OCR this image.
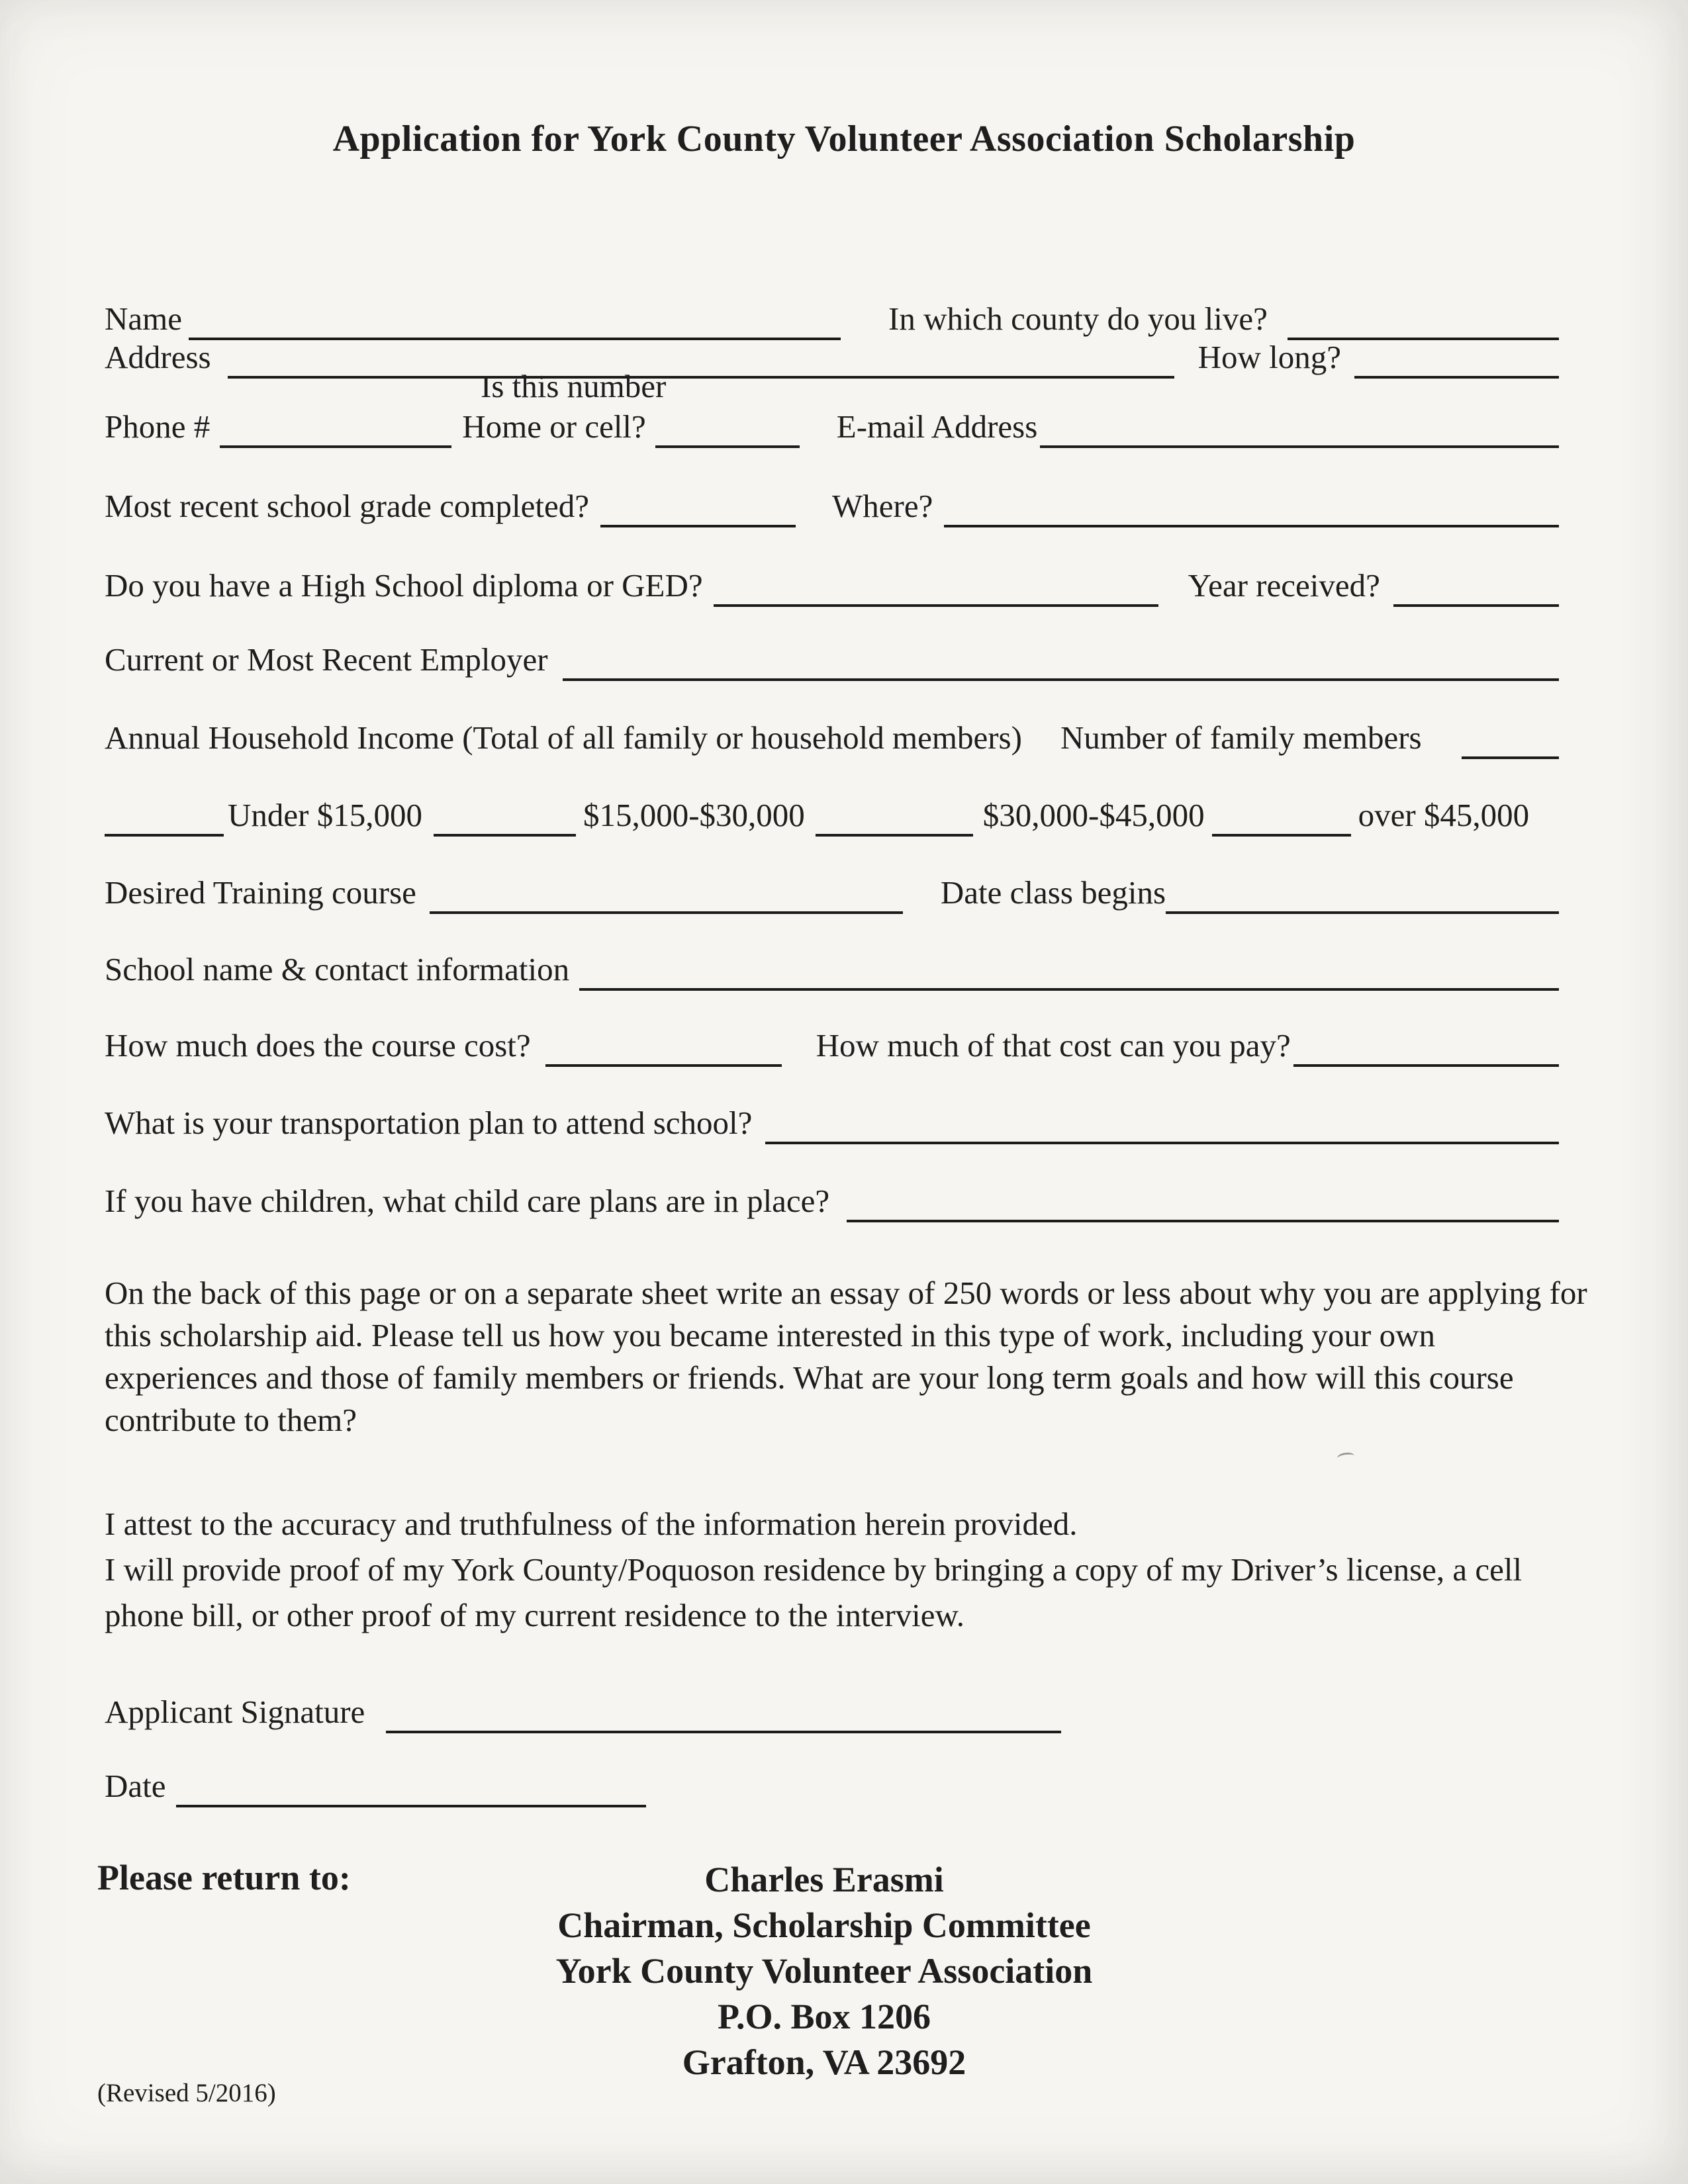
Application for York County Volunteer Association Scholarship
Name	In which county do you live?
Address	How long?
Is this number
Phone #	Home or cell?	E-mail Address
Most recent school grade completed?	Where?
Do you have a High School diploma or GED?	Year received?
Current or Most Recent Employer
Annual Household Income (Total of all family or household members) Number of family members
Under $15,000	$15,000-$30,000	$30,000-$45,000	over $45,000
Desired Training course	Date class begins
School name & contact information
How much does the course cost?	How much of that cost can you pay?
What is your transportation plan to attend school?
If you have children, what child care plans are in place?
On the back of this page or on a separate sheet write an essay of 250 words or less about why you are applying for this scholarship aid. Please tell us how you became interested in this type of work, including your own experiences and those of family members or friends. What are your long term goals and how will this course contribute to them?
I attest to the accuracy and truthfulness of the information herein provided.
I will provide proof of my York County/Poquoson residence by bringing a copy of my Driver’s license, a cell phone bill, or other proof of my current residence to the interview.
Applicant Signature
Date
Please return to:	Charles Erasmi
Chairman, Scholarship Committee
York County Volunteer Association
P.O. Box 1206
Grafton, VA 23692
(Revised 5/2016)
